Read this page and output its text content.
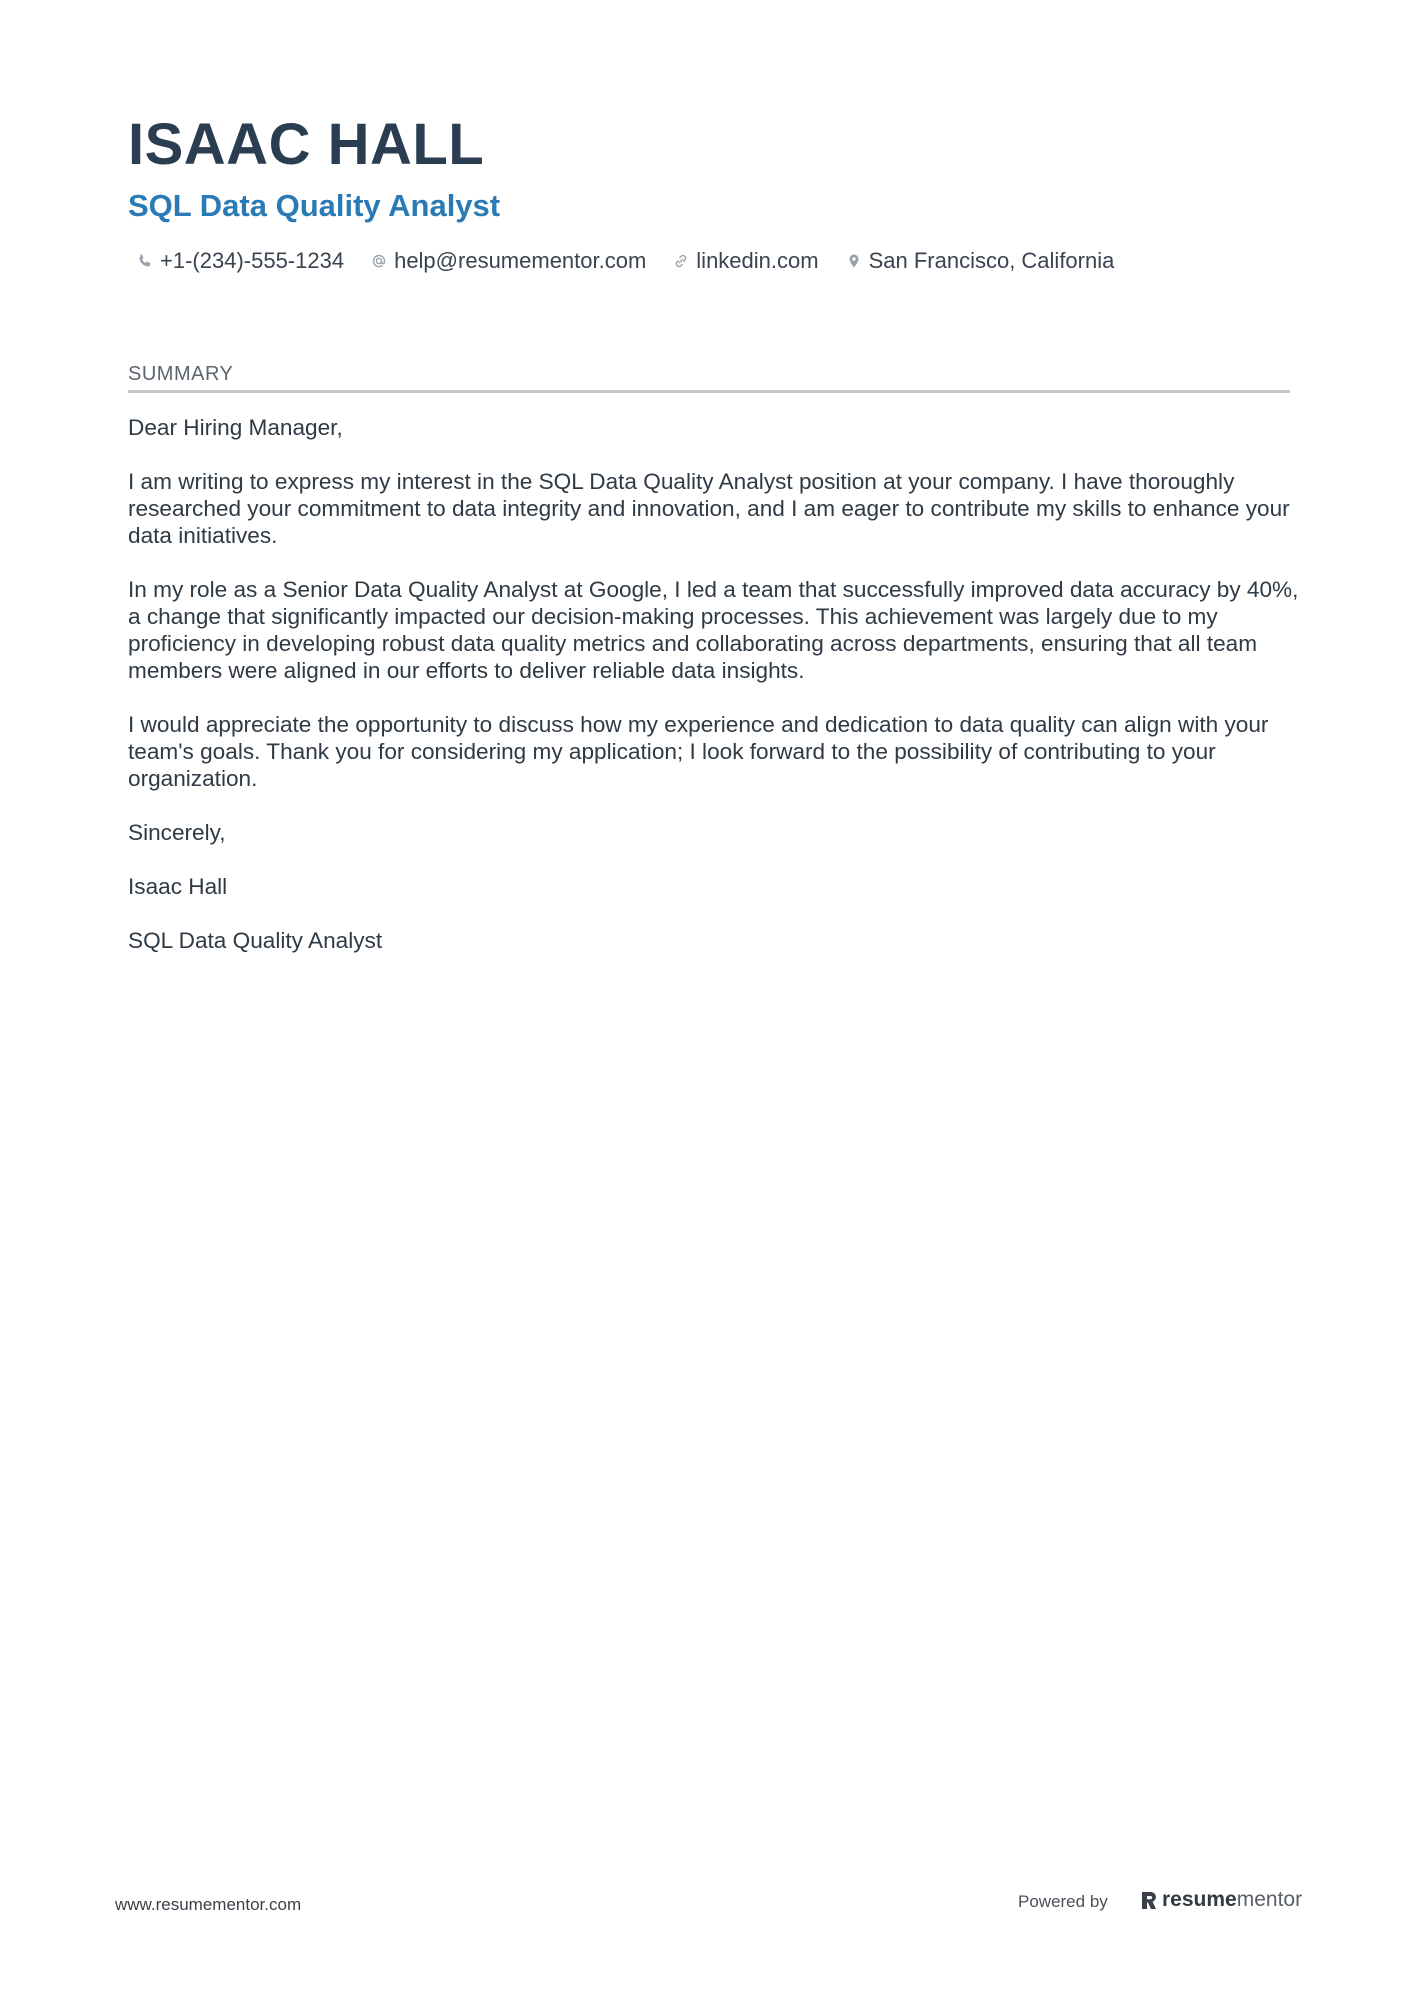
ISAAC HALL
SQL Data Quality Analyst
+1-(234)-555-1234 help@resumementor.com linkedin.com San Francisco, California
SUMMARY

Dear Hiring Manager,

I am writing to express my interest in the SQL Data Quality Analyst position at your company. I have thoroughly researched your commitment to data integrity and innovation, and I am eager to contribute my skills to enhance your data initiatives.

In my role as a Senior Data Quality Analyst at Google, I led a team that successfully improved data accuracy by 40%, a change that significantly impacted our decision-making processes. This achievement was largely due to my proficiency in developing robust data quality metrics and collaborating across departments, ensuring that all team members were aligned in our efforts to deliver reliable data insights.

I would appreciate the opportunity to discuss how my experience and dedication to data quality can align with your team's goals. Thank you for considering my application; I look forward to the possibility of contributing to your organization.

Sincerely,

Isaac Hall

SQL Data Quality Analyst

www.resumementor.com	Powered by	resume mentor
